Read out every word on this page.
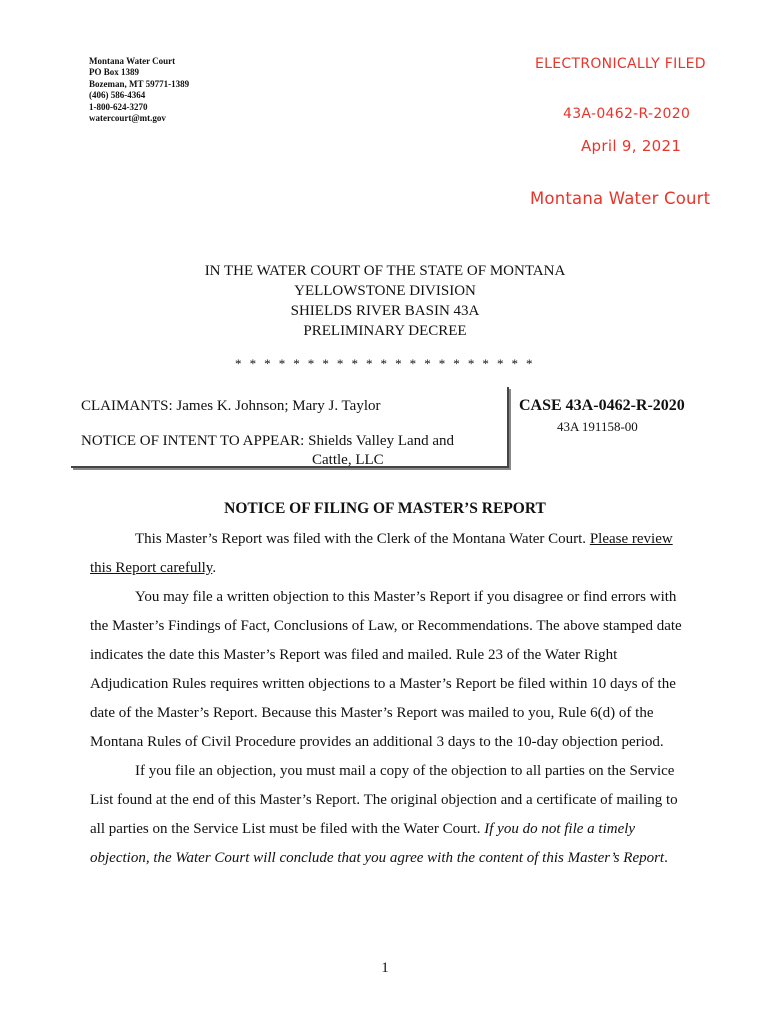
Montana Water Court
PO Box 1389
Bozeman, MT 59771-1389
(406) 586-4364
1-800-624-3270
watercourt@mt.gov
ELECTRONICALLY FILED
43A-0462-R-2020
April 9, 2021
Montana Water Court
IN THE WATER COURT OF THE STATE OF MONTANA
YELLOWSTONE DIVISION
SHIELDS RIVER BASIN 43A
PRELIMINARY DECREE
* * * * * * * * * * * * * * * * * * * * *
CLAIMANTS: James K. Johnson; Mary J. Taylor
NOTICE OF INTENT TO APPEAR: Shields Valley Land and
Cattle, LLC
CASE 43A-0462-R-2020
43A 191158-00
NOTICE OF FILING OF MASTER’S REPORT

This Master’s Report was filed with the Clerk of the Montana Water Court. Please review this Report carefully.

You may file a written objection to this Master’s Report if you disagree or find errors with the Master’s Findings of Fact, Conclusions of Law, or Recommendations. The above stamped date indicates the date this Master’s Report was filed and mailed. Rule 23 of the Water Right Adjudication Rules requires written objections to a Master’s Report be filed within 10 days of the date of the Master’s Report. Because this Master’s Report was mailed to you, Rule 6(d) of the Montana Rules of Civil Procedure provides an additional 3 days to the 10-day objection period.

If you file an objection, you must mail a copy of the objection to all parties on the Service List found at the end of this Master’s Report. The original objection and a certificate of mailing to all parties on the Service List must be filed with the Water Court. If you do not file a timely objection, the Water Court will conclude that you agree with the content of this Master’s Report.

1
